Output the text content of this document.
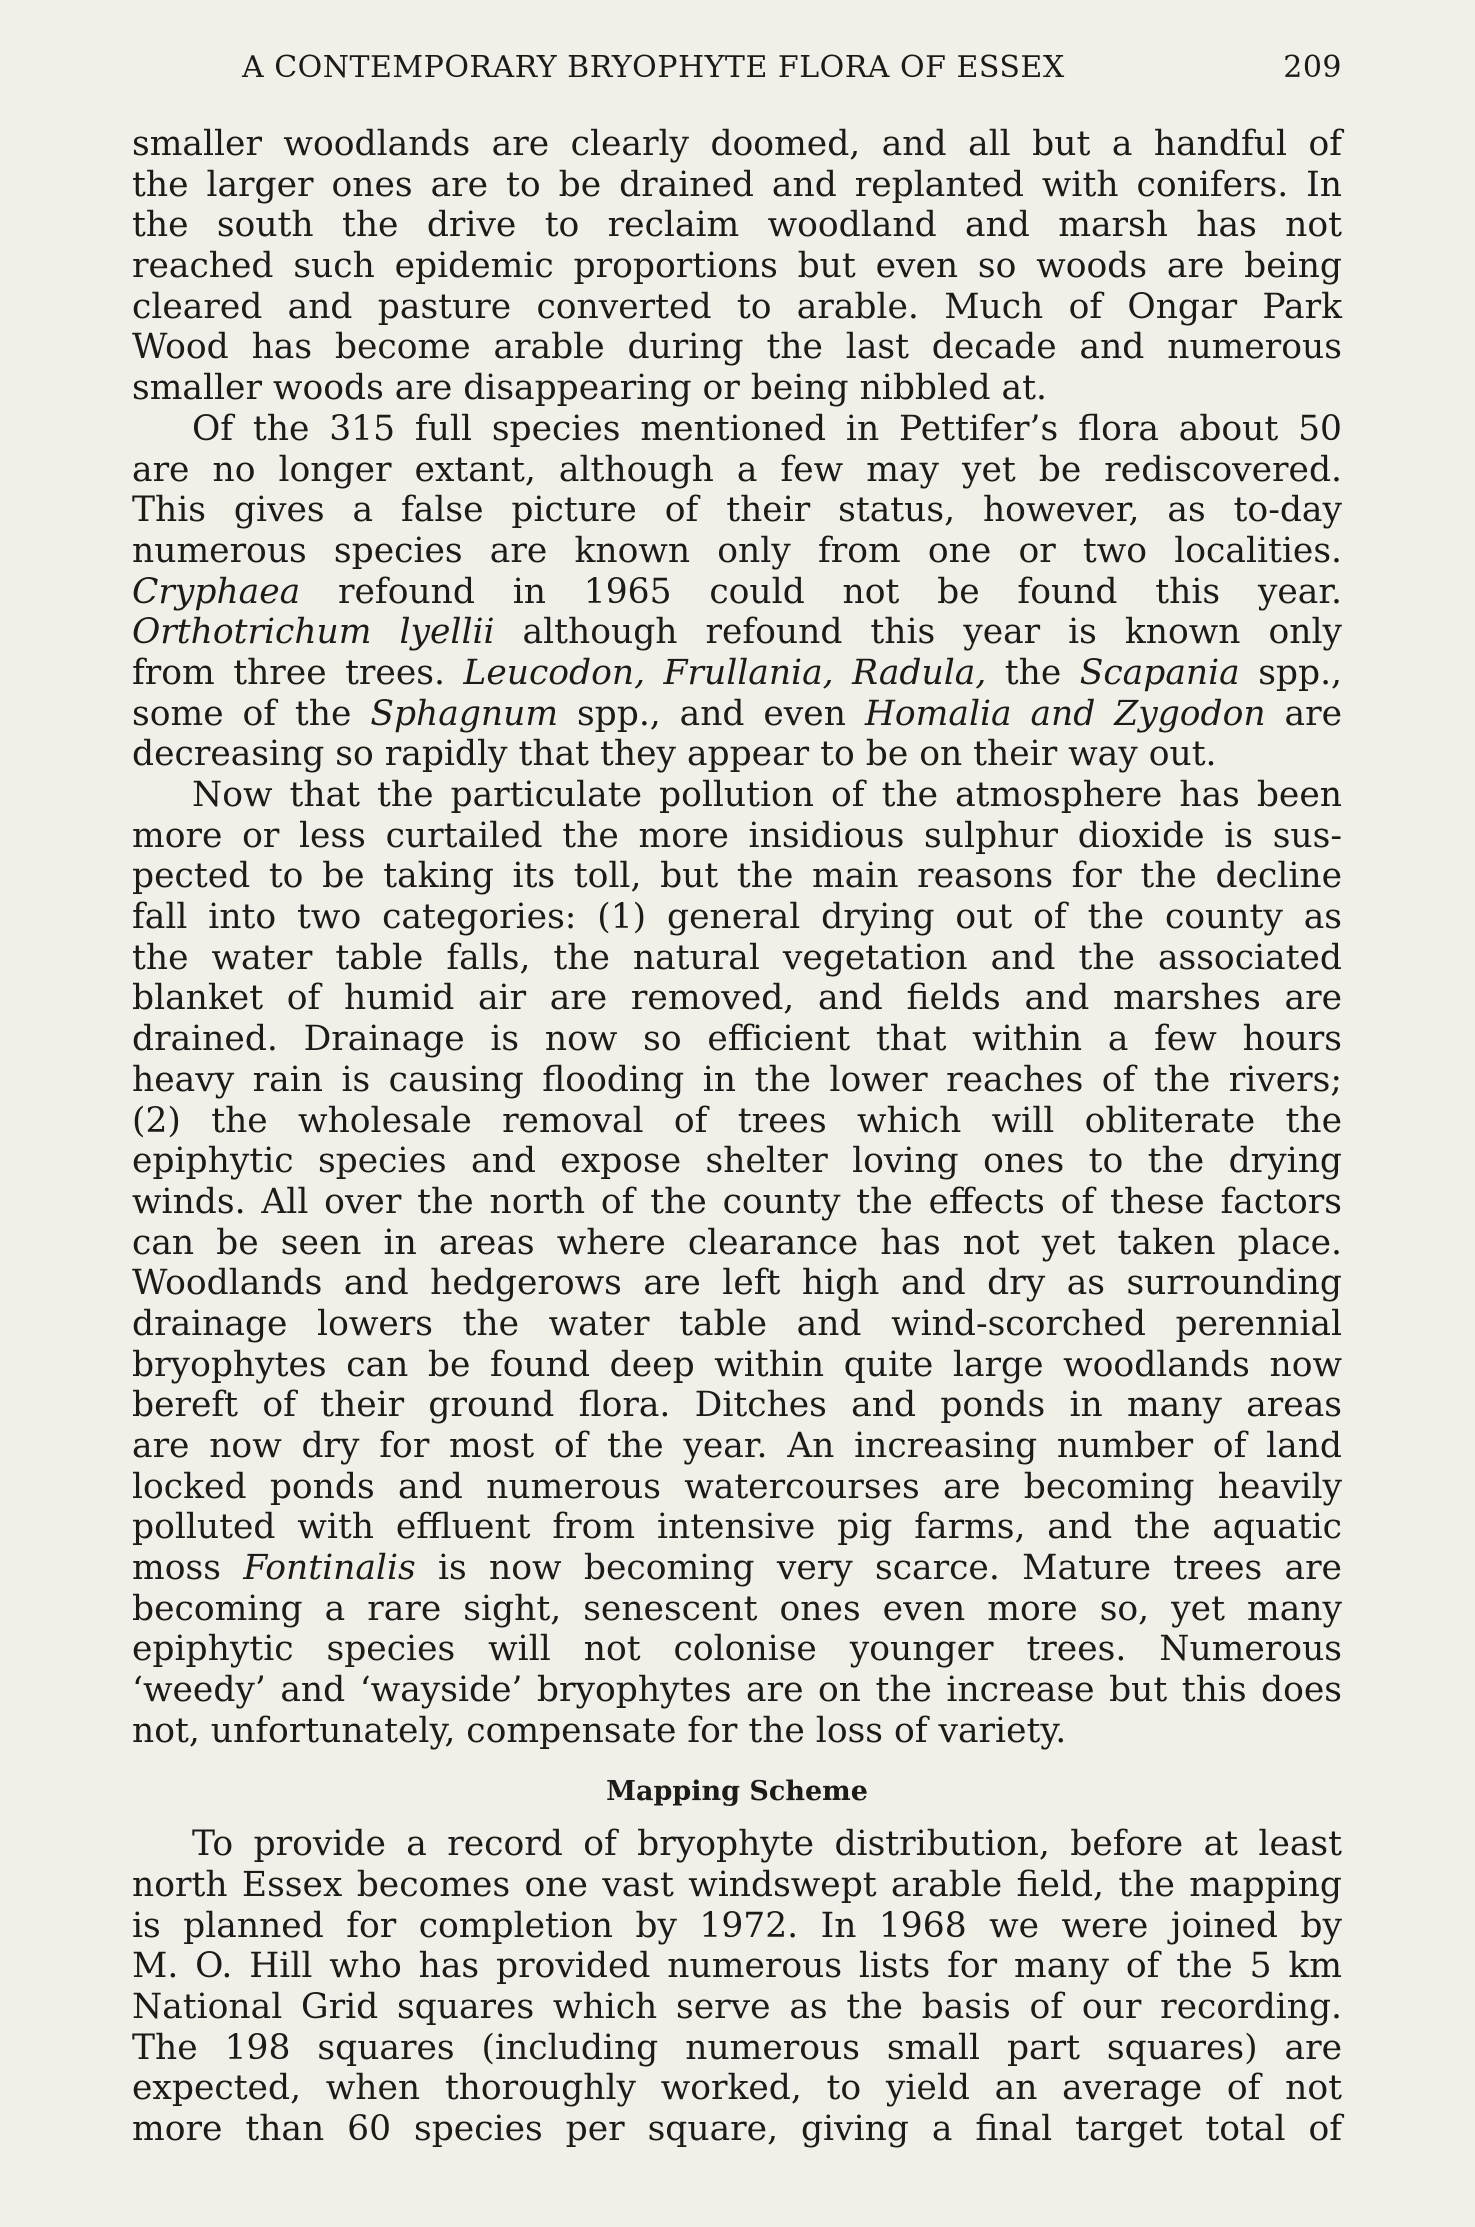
A CONTEMPORARY BRYOPHYTE FLORA OF ESSEX	209
smaller woodlands are clearly doomed, and all but a handful of
the larger ones are to be drained and replanted with conifers. In
the south the drive to reclaim woodland and marsh has not
reached such epidemic proportions but even so woods are being
cleared and pasture converted to arable. Much of Ongar Park
Wood has become arable during the last decade and numerous
smaller woods are disappearing or being nibbled at.
Of the 315 full species mentioned in Pettifer’s flora about 50
are no longer extant, although a few may yet be rediscovered.
This gives a false picture of their status, however, as to-day
numerous species are known only from one or two localities.
Cryphaea refound in 1965 could not be found this year.
Orthotrichum lyellii although refound this year is known only
from three trees. Leucodon, Frullania, Radula, the Scapania spp.,
some of the Sphagnum spp., and even Homalia and Zygodon are
decreasing so rapidly that they appear to be on their way out.
Now that the particulate pollution of the atmosphere has been
more or less curtailed the more insidious sulphur dioxide is sus-
pected to be taking its toll, but the main reasons for the decline
fall into two categories: (1) general drying out of the county as
the water table falls, the natural vegetation and the associated
blanket of humid air are removed, and fields and marshes are
drained. Drainage is now so efficient that within a few hours
heavy rain is causing flooding in the lower reaches of the rivers;
(2) the wholesale removal of trees which will obliterate the
epiphytic species and expose shelter loving ones to the drying
winds. All over the north of the county the effects of these factors
can be seen in areas where clearance has not yet taken place.
Woodlands and hedgerows are left high and dry as surrounding
drainage lowers the water table and wind-scorched perennial
bryophytes can be found deep within quite large woodlands now
bereft of their ground flora. Ditches and ponds in many areas
are now dry for most of the year. An increasing number of land
locked ponds and numerous watercourses are becoming heavily
polluted with effluent from intensive pig farms, and the aquatic
moss Fontinalis is now becoming very scarce. Mature trees are
becoming a rare sight, senescent ones even more so, yet many
epiphytic species will not colonise younger trees. Numerous
‘weedy’ and ‘wayside’ bryophytes are on the increase but this does
not, unfortunately, compensate for the loss of variety.
Mapping Scheme
To provide a record of bryophyte distribution, before at least
north Essex becomes one vast windswept arable field, the mapping
is planned for completion by 1972. In 1968 we were joined by
M. O. Hill who has provided numerous lists for many of the 5 km
National Grid squares which serve as the basis of our recording.
The 198 squares (including numerous small part squares) are
expected, when thoroughly worked, to yield an average of not
more than 60 species per square, giving a final target total of
